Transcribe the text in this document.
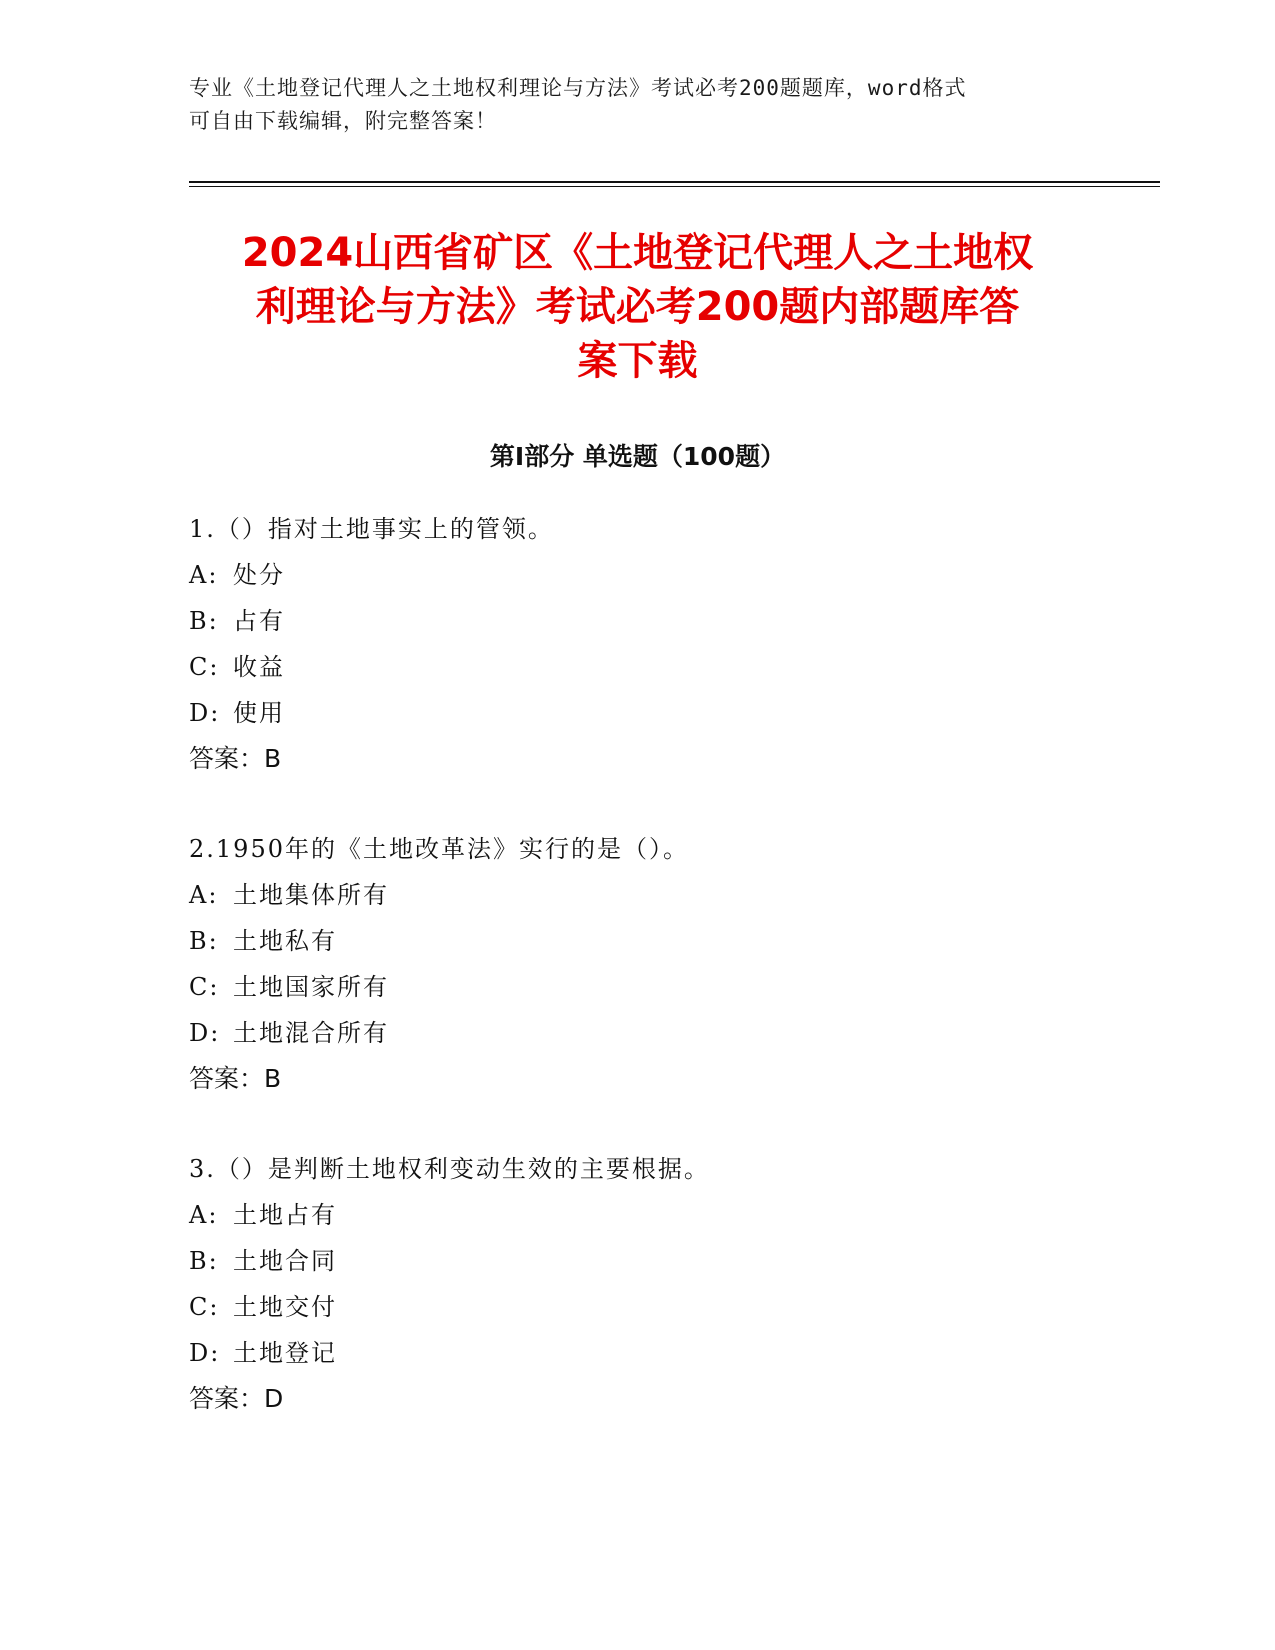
专业《土地登记代理人之土地权利理论与方法》考试必考200题题库，word格式
可自由下载编辑，附完整答案！
2024山西省矿区《土地登记代理人之土地权
利理论与方法》考试必考200题内部题库答
案下载
第I部分 单选题（100题）
1.（）指对土地事实上的管领。
A: 处分
B: 占有
C: 收益
D: 使用
答案：B
2.1950年的《土地改革法》实行的是（）。
A: 土地集体所有
B: 土地私有
C: 土地国家所有
D: 土地混合所有
答案：B
3.（）是判断土地权利变动生效的主要根据。
A: 土地占有
B: 土地合同
C: 土地交付
D: 土地登记
答案：D
